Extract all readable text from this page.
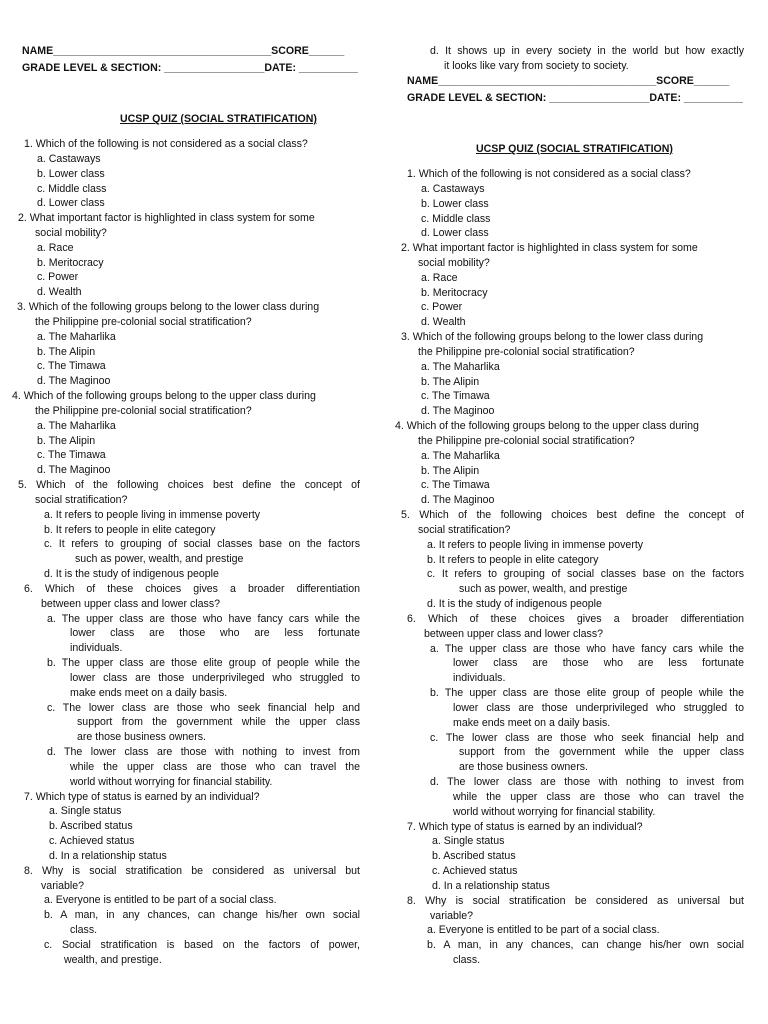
NAME_____________________________________SCORE______
GRADE LEVEL & SECTION: _________________DATE: __________
UCSP QUIZ (SOCIAL STRATIFICATION)
1. Which of the following is not considered as a social class?
a. Castaways
b. Lower class
c. Middle class
d. Lower class
2. What important factor is highlighted in class system for some
social mobility?
a. Race
b. Meritocracy
c. Power
d. Wealth
3. Which of the following groups belong to the lower class during
the Philippine pre-colonial social stratification?
a. The Maharlika
b. The Alipin
c. The Timawa
d. The Maginoo
4. Which of the following groups belong to the upper class during
the Philippine pre-colonial social stratification?
a. The Maharlika
b. The Alipin
c. The Timawa
d. The Maginoo
5. Which of the following choices best define the concept of
social stratification?
a. It refers to people living in immense poverty
b. It refers to people in elite category
c. It refers to grouping of social classes base on the factors
such as power, wealth, and prestige
d. It is the study of indigenous people
6. Which of these choices gives a broader differentiation
between upper class and lower class?
a. The upper class are those who have fancy cars while the
lower class are those who are less fortunate
individuals.
b. The upper class are those elite group of people while the
lower class are those underprivileged who struggled to
make ends meet on a daily basis.
c. The lower class are those who seek financial help and
support from the government while the upper class
are those business owners.
d. The lower class are those with nothing to invest from
while the upper class are those who can travel the
world without worrying for financial stability.
7. Which type of status is earned by an individual?
a. Single status
b. Ascribed status
c. Achieved status
d. In a relationship status
8. Why is social stratification be considered as universal but
variable?
a. Everyone is entitled to be part of a social class.
b. A man, in any chances, can change his/her own social
class.
c. Social stratification is based on the factors of power,
wealth, and prestige.
d. It shows up in every society in the world but how exactly
it looks like vary from society to society.
NAME_____________________________________SCORE______
GRADE LEVEL & SECTION: _________________DATE: __________
UCSP QUIZ (SOCIAL STRATIFICATION)
1. Which of the following is not considered as a social class?
a. Castaways
b. Lower class
c. Middle class
d. Lower class
2. What important factor is highlighted in class system for some
social mobility?
a. Race
b. Meritocracy
c. Power
d. Wealth
3. Which of the following groups belong to the lower class during
the Philippine pre-colonial social stratification?
a. The Maharlika
b. The Alipin
c. The Timawa
d. The Maginoo
4. Which of the following groups belong to the upper class during
the Philippine pre-colonial social stratification?
a. The Maharlika
b. The Alipin
c. The Timawa
d. The Maginoo
5. Which of the following choices best define the concept of
social stratification?
a. It refers to people living in immense poverty
b. It refers to people in elite category
c. It refers to grouping of social classes base on the factors
such as power, wealth, and prestige
d. It is the study of indigenous people
6. Which of these choices gives a broader differentiation
between upper class and lower class?
a. The upper class are those who have fancy cars while the
lower class are those who are less fortunate
individuals.
b. The upper class are those elite group of people while the
lower class are those underprivileged who struggled to
make ends meet on a daily basis.
c. The lower class are those who seek financial help and
support from the government while the upper class
are those business owners.
d. The lower class are those with nothing to invest from
while the upper class are those who can travel the
world without worrying for financial stability.
7. Which type of status is earned by an individual?
a. Single status
b. Ascribed status
c. Achieved status
d. In a relationship status
8. Why is social stratification be considered as universal but
variable?
a. Everyone is entitled to be part of a social class.
b. A man, in any chances, can change his/her own social
class.
